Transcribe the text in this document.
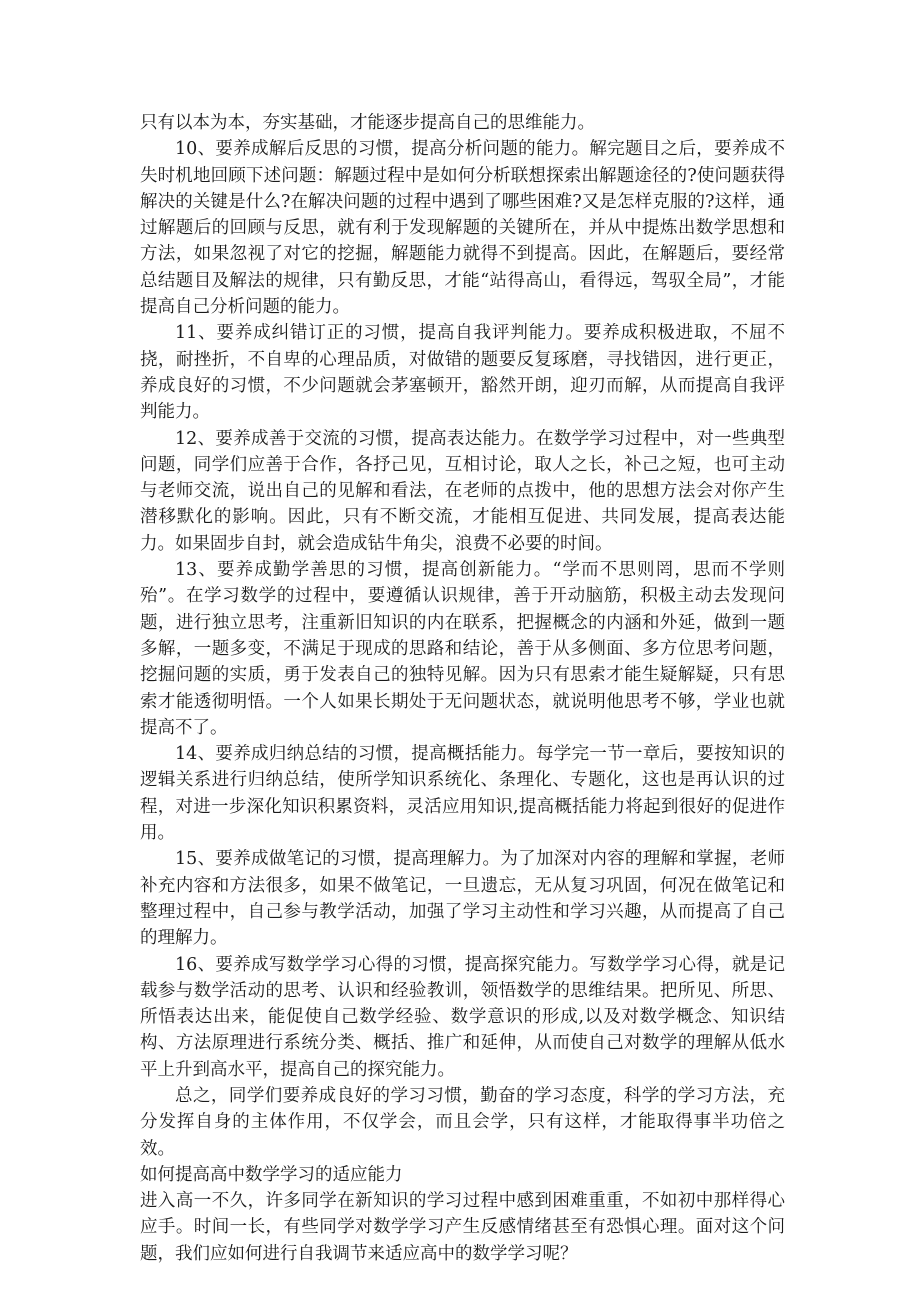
只有以本为本，夯实基础，才能逐步提高自己的思维能力。

10、要养成解后反思的习惯，提高分析问题的能力。解完题目之后，要养成不失时机地回顾下述问题：解题过程中是如何分析联想探索出解题途径的?使问题获得解决的关键是什么?在解决问题的过程中遇到了哪些困难?又是怎样克服的?这样，通过解题后的回顾与反思，就有利于发现解题的关键所在，并从中提炼出数学思想和方法，如果忽视了对它的挖掘，解题能力就得不到提高。因此，在解题后，要经常总结题目及解法的规律，只有勤反思，才能“站得高山，看得远，驾驭全局”，才能提高自己分析问题的能力。

11、要养成纠错订正的习惯，提高自我评判能力。要养成积极进取，不屈不挠，耐挫折，不自卑的心理品质，对做错的题要反复琢磨，寻找错因，进行更正，养成良好的习惯，不少问题就会茅塞顿开，豁然开朗，迎刃而解，从而提高自我评判能力。

12、要养成善于交流的习惯，提高表达能力。在数学学习过程中，对一些典型问题，同学们应善于合作，各抒己见，互相讨论，取人之长，补己之短，也可主动与老师交流，说出自己的见解和看法，在老师的点拨中，他的思想方法会对你产生潜移默化的影响。因此，只有不断交流，才能相互促进、共同发展，提高表达能力。如果固步自封，就会造成钻牛角尖，浪费不必要的时间。

13、要养成勤学善思的习惯，提高创新能力。“学而不思则罔，思而不学则殆”。在学习数学的过程中，要遵循认识规律，善于开动脑筋，积极主动去发现问题，进行独立思考，注重新旧知识的内在联系，把握概念的内涵和外延，做到一题多解，一题多变，不满足于现成的思路和结论，善于从多侧面、多方位思考问题，挖掘问题的实质，勇于发表自己的独特见解。因为只有思索才能生疑解疑，只有思索才能透彻明悟。一个人如果长期处于无问题状态，就说明他思考不够，学业也就提高不了。

14、要养成归纳总结的习惯，提高概括能力。每学完一节一章后，要按知识的逻辑关系进行归纳总结，使所学知识系统化、条理化、专题化，这也是再认识的过程，对进一步深化知识积累资料，灵活应用知识,提高概括能力将起到很好的促进作用。

15、要养成做笔记的习惯，提高理解力。为了加深对内容的理解和掌握，老师补充内容和方法很多，如果不做笔记，一旦遗忘，无从复习巩固，何况在做笔记和整理过程中，自己参与教学活动，加强了学习主动性和学习兴趣，从而提高了自己的理解力。

16、要养成写数学学习心得的习惯，提高探究能力。写数学学习心得，就是记载参与数学活动的思考、认识和经验教训，领悟数学的思维结果。把所见、所思、所悟表达出来，能促使自己数学经验、数学意识的形成,以及对数学概念、知识结构、方法原理进行系统分类、概括、推广和延伸，从而使自己对数学的理解从低水平上升到高水平，提高自己的探究能力。

总之，同学们要养成良好的学习习惯，勤奋的学习态度，科学的学习方法，充分发挥自身的主体作用，不仅学会，而且会学，只有这样，才能取得事半功倍之效。

如何提高高中数学学习的适应能力

进入高一不久，许多同学在新知识的学习过程中感到困难重重，不如初中那样得心应手。时间一长，有些同学对数学学习产生反感情绪甚至有恐惧心理。面对这个问题，我们应如何进行自我调节来适应高中的数学学习呢？
